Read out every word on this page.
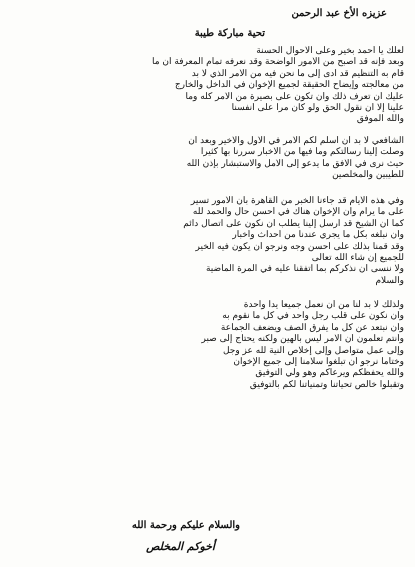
عزيزه الأخ عبد الرحمن
تحية مباركة طيبة
لعلك يا أحمد بخير وعلى الأحوال الحسنة
وبعد فإنه قد أصبح من الأمور الواضحة وقد نعرفه تمام المعرفة أن ما
قام به التنظيم قد أدى إلى ما نحن فيه من الأمر الذي لا بد
من معالجته وإيضاح الحقيقة لجميع الإخوان في الداخل والخارج
عليك أن تعرف ذلك وأن تكون على بصيرة من الأمر كله وما
علينا إلا أن نقول الحق ولو كان مرا على أنفسنا
والله الموفق
الشافعي لا بد أن أسلم لكم الأمر في الأول والأخير وبعد أن
وصلت إلينا رسالتكم وما فيها من الأخبار سررنا بها كثيرا
حيث نرى في الأفق ما يدعو إلى الأمل والاستبشار بإذن الله
للطيبين والمخلصين
وفي هذه الأيام قد جاءنا الخبر من القاهرة بأن الأمور تسير
على ما يرام وأن الإخوان هناك في أحسن حال والحمد لله
كما أن الشيخ قد أرسل إلينا يطلب أن نكون على اتصال دائم
وأن نبلغه بكل ما يجري عندنا من أحداث وأخبار
وقد قمنا بذلك على أحسن وجه ونرجو أن يكون فيه الخير
للجميع إن شاء الله تعالى
ولا ننسى أن نذكركم بما اتفقنا عليه في المرة الماضية
والسلام
ولذلك لا بد لنا من أن نعمل جميعا يدا واحدة
وأن نكون على قلب رجل واحد في كل ما نقوم به
وأن نبتعد عن كل ما يفرق الصف ويضعف الجماعة
وأنتم تعلمون أن الأمر ليس بالهين ولكنه يحتاج إلى صبر
وإلى عمل متواصل وإلى إخلاص النية لله عز وجل
وختاما نرجو أن تبلغوا سلامنا إلى جميع الإخوان
والله يحفظكم ويرعاكم وهو ولي التوفيق
وتقبلوا خالص تحياتنا وتمنياتنا لكم بالتوفيق
والسلام عليكم ورحمة الله
أخوكم المخلص
